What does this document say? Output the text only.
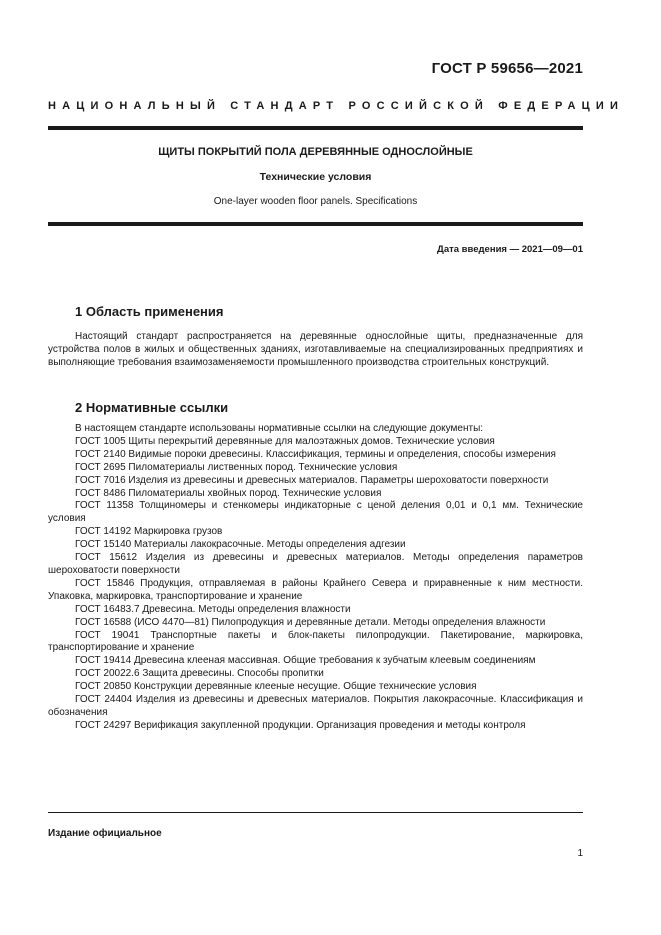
ГОСТ Р 59656—2021
НАЦИОНАЛЬНЫЙ СТАНДАРТ РОССИЙСКОЙ ФЕДЕРАЦИИ
ЩИТЫ ПОКРЫТИЙ ПОЛА ДЕРЕВЯННЫЕ ОДНОСЛОЙНЫЕ
Технические условия
One-layer wooden floor panels. Specifications
Дата введения — 2021—09—01
1 Область применения

Настоящий стандарт распространяется на деревянные однослойные щиты, предназначенные для устройства полов в жилых и общественных зданиях, изготавливаемые на специализированных предприятиях и выполняющие требования взаимозаменяемости промышленного производства строительных конструкций.

2 Нормативные ссылки

В настоящем стандарте использованы нормативные ссылки на следующие документы:

ГОСТ 1005 Щиты перекрытий деревянные для малоэтажных домов. Технические условия

ГОСТ 2140 Видимые пороки древесины. Классификация, термины и определения, способы измерения

ГОСТ 2695 Пиломатериалы лиственных пород. Технические условия

ГОСТ 7016 Изделия из древесины и древесных материалов. Параметры шероховатости поверхности

ГОСТ 8486 Пиломатериалы хвойных пород. Технические условия

ГОСТ 11358 Толщиномеры и стенкомеры индикаторные с ценой деления 0,01 и 0,1 мм. Технические условия

ГОСТ 14192 Маркировка грузов

ГОСТ 15140 Материалы лакокрасочные. Методы определения адгезии

ГОСТ 15612 Изделия из древесины и древесных материалов. Методы определения параметров шероховатости поверхности

ГОСТ 15846 Продукция, отправляемая в районы Крайнего Севера и приравненные к ним местности. Упаковка, маркировка, транспортирование и хранение

ГОСТ 16483.7 Древесина. Методы определения влажности

ГОСТ 16588 (ИСО 4470—81) Пилопродукция и деревянные детали. Методы определения влажности

ГОСТ 19041 Транспортные пакеты и блок-пакеты пилопродукции. Пакетирование, маркировка, транспортирование и хранение

ГОСТ 19414 Древесина клееная массивная. Общие требования к зубчатым клеевым соединениям

ГОСТ 20022.6 Защита древесины. Способы пропитки

ГОСТ 20850 Конструкции деревянные клееные несущие. Общие технические условия

ГОСТ 24404 Изделия из древесины и древесных материалов. Покрытия лакокрасочные. Классификация и обозначения

ГОСТ 24297 Верификация закупленной продукции. Организация проведения и методы контроля

Издание официальное
1
